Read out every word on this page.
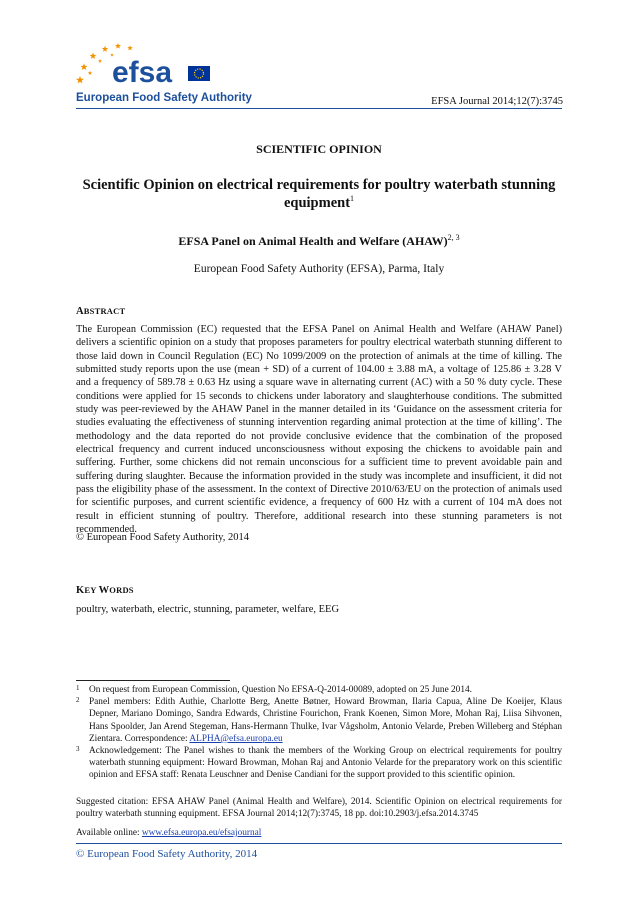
efsa
European Food Safety Authority	EFSA Journal 2014;12(7):3745
SCIENTIFIC OPINION
Scientific Opinion on electrical requirements for poultry waterbath stunning equipment$^1$
EFSA Panel on Animal Health and Welfare (AHAW)$^{2, 3}$
European Food Safety Authority (EFSA), Parma, Italy
ABSTRACT
The European Commission (EC) requested that the EFSA Panel on Animal Health and Welfare (AHAW Panel) delivers a scientific opinion on a study that proposes parameters for poultry electrical waterbath stunning different to those laid down in Council Regulation (EC) No 1099/2009 on the protection of animals at the time of killing. The submitted study reports upon the use (mean + SD) of a current of 104.00 ± 3.88 mA, a voltage of 125.86 ± 3.28 V and a frequency of 589.78 ± 0.63 Hz using a square wave in alternating current (AC) with a 50 % duty cycle. These conditions were applied for 15 seconds to chickens under laboratory and slaughterhouse conditions. The submitted study was peer-reviewed by the AHAW Panel in the manner detailed in its ‘Guidance on the assessment criteria for studies evaluating the effectiveness of stunning intervention regarding animal protection at the time of killing’. The methodology and the data reported do not provide conclusive evidence that the combination of the proposed electrical frequency and current induced unconsciousness without exposing the chickens to avoidable pain and suffering. Further, some chickens did not remain unconscious for a sufficient time to prevent avoidable pain and suffering during slaughter. Because the information provided in the study was incomplete and insufficient, it did not pass the eligibility phase of the assessment. In the context of Directive 2010/63/EU on the protection of animals used for scientific purposes, and current scientific evidence, a frequency of 600 Hz with a current of 104 mA does not result in efficient stunning of poultry. Therefore, additional research into these stunning parameters is not recommended.
© European Food Safety Authority, 2014
KEY WORDS
poultry, waterbath, electric, stunning, parameter, welfare, EEG
1 On request from European Commission, Question No EFSA-Q-2014-00089, adopted on 25 June 2014.
2 Panel members: Edith Authie, Charlotte Berg, Anette Bøtner, Howard Browman, Ilaria Capua, Aline De Koeijer, Klaus Depner, Mariano Domingo, Sandra Edwards, Christine Fourichon, Frank Koenen, Simon More, Mohan Raj, Liisa Sihvonen, Hans Spoolder, Jan Arend Stegeman, Hans-Hermann Thulke, Ivar Vågsholm, Antonio Velarde, Preben Willeberg and Stéphan Zientara. Correspondence: ALPHA@efsa.europa.eu
3 Acknowledgement: The Panel wishes to thank the members of the Working Group on electrical requirements for poultry waterbath stunning equipment: Howard Browman, Mohan Raj and Antonio Velarde for the preparatory work on this scientific opinion and EFSA staff: Renata Leuschner and Denise Candiani for the support provided to this scientific opinion.
Suggested citation: EFSA AHAW Panel (Animal Health and Welfare), 2014. Scientific Opinion on electrical requirements for poultry waterbath stunning equipment. EFSA Journal 2014;12(7):3745, 18 pp. doi:10.2903/j.efsa.2014.3745
Available online: www.efsa.europa.eu/efsajournal
© European Food Safety Authority, 2014
